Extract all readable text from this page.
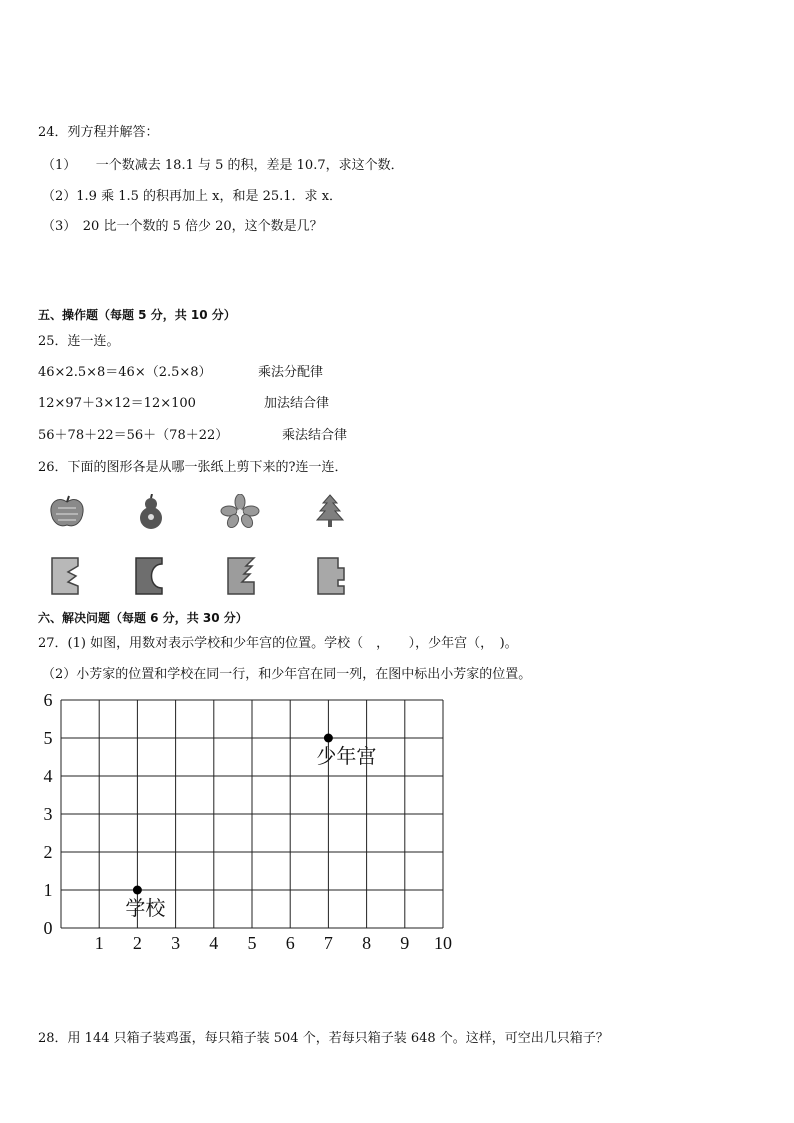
24．列方程并解答：
（1）　　一个数减去 18.1 与 5 的积，差是 10.7，求这个数．
（2）1.9 乘 1.5 的积再加上 x，和是 25.1．求 x．
（3）　20 比一个数的 5 倍少 20，这个数是几？
五、操作题（每题 5 分，共 10 分）
25．连一连。
46×2.5×8＝46×（2.5×8）	乘法分配律
12×97＋3×12＝12×100	加法结合律
56＋78＋22＝56＋（78＋22）	乘法结合律
26．下面的图形各是从哪一张纸上剪下来的?连一连．
六、解决问题（每题 6 分，共 30 分）
27．(1) 如图，用数对表示学校和少年宫的位置。学校（　，　　），少年宫（，　)。
（2）小芳家的位置和学校在同一行，和少年宫在同一列，在图中标出小芳家的位置。
1 2 3 4 5 6 7 8 9 10
0
1
2
3
4
5
6
学校
少年宫
28．用 144 只箱子装鸡蛋，每只箱子装 504 个，若每只箱子装 648 个。这样，可空出几只箱子？
